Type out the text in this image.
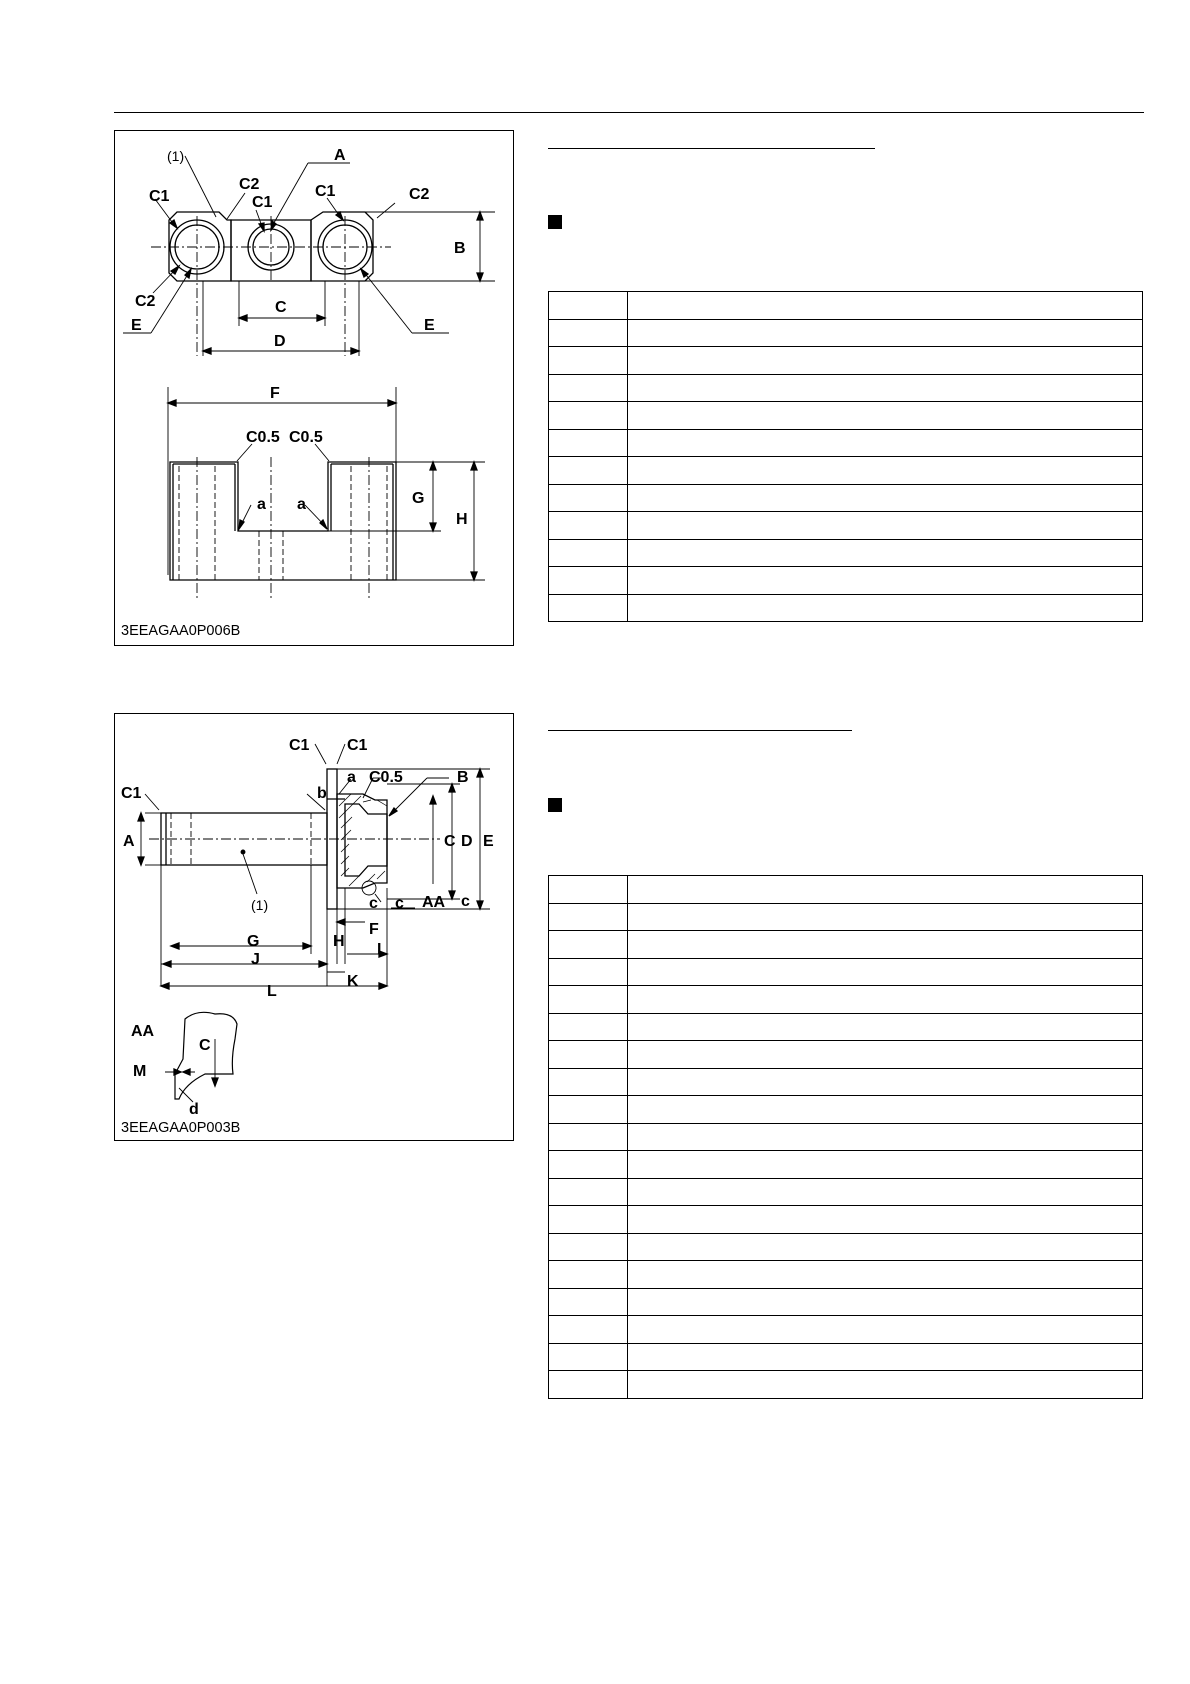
(1)	A
C2
C1	C1
C1	C2
B
C2
E
C
E
D
F
C0.5 C0.5
G
H
a a
3EEAGAA0P006B

C1 C1
C1
a C0.5	B
b
A	C D E
(1)	c c AA c
F
G	H I
J
K
L
AA
C
M
d
3EEAGAA0P003B
